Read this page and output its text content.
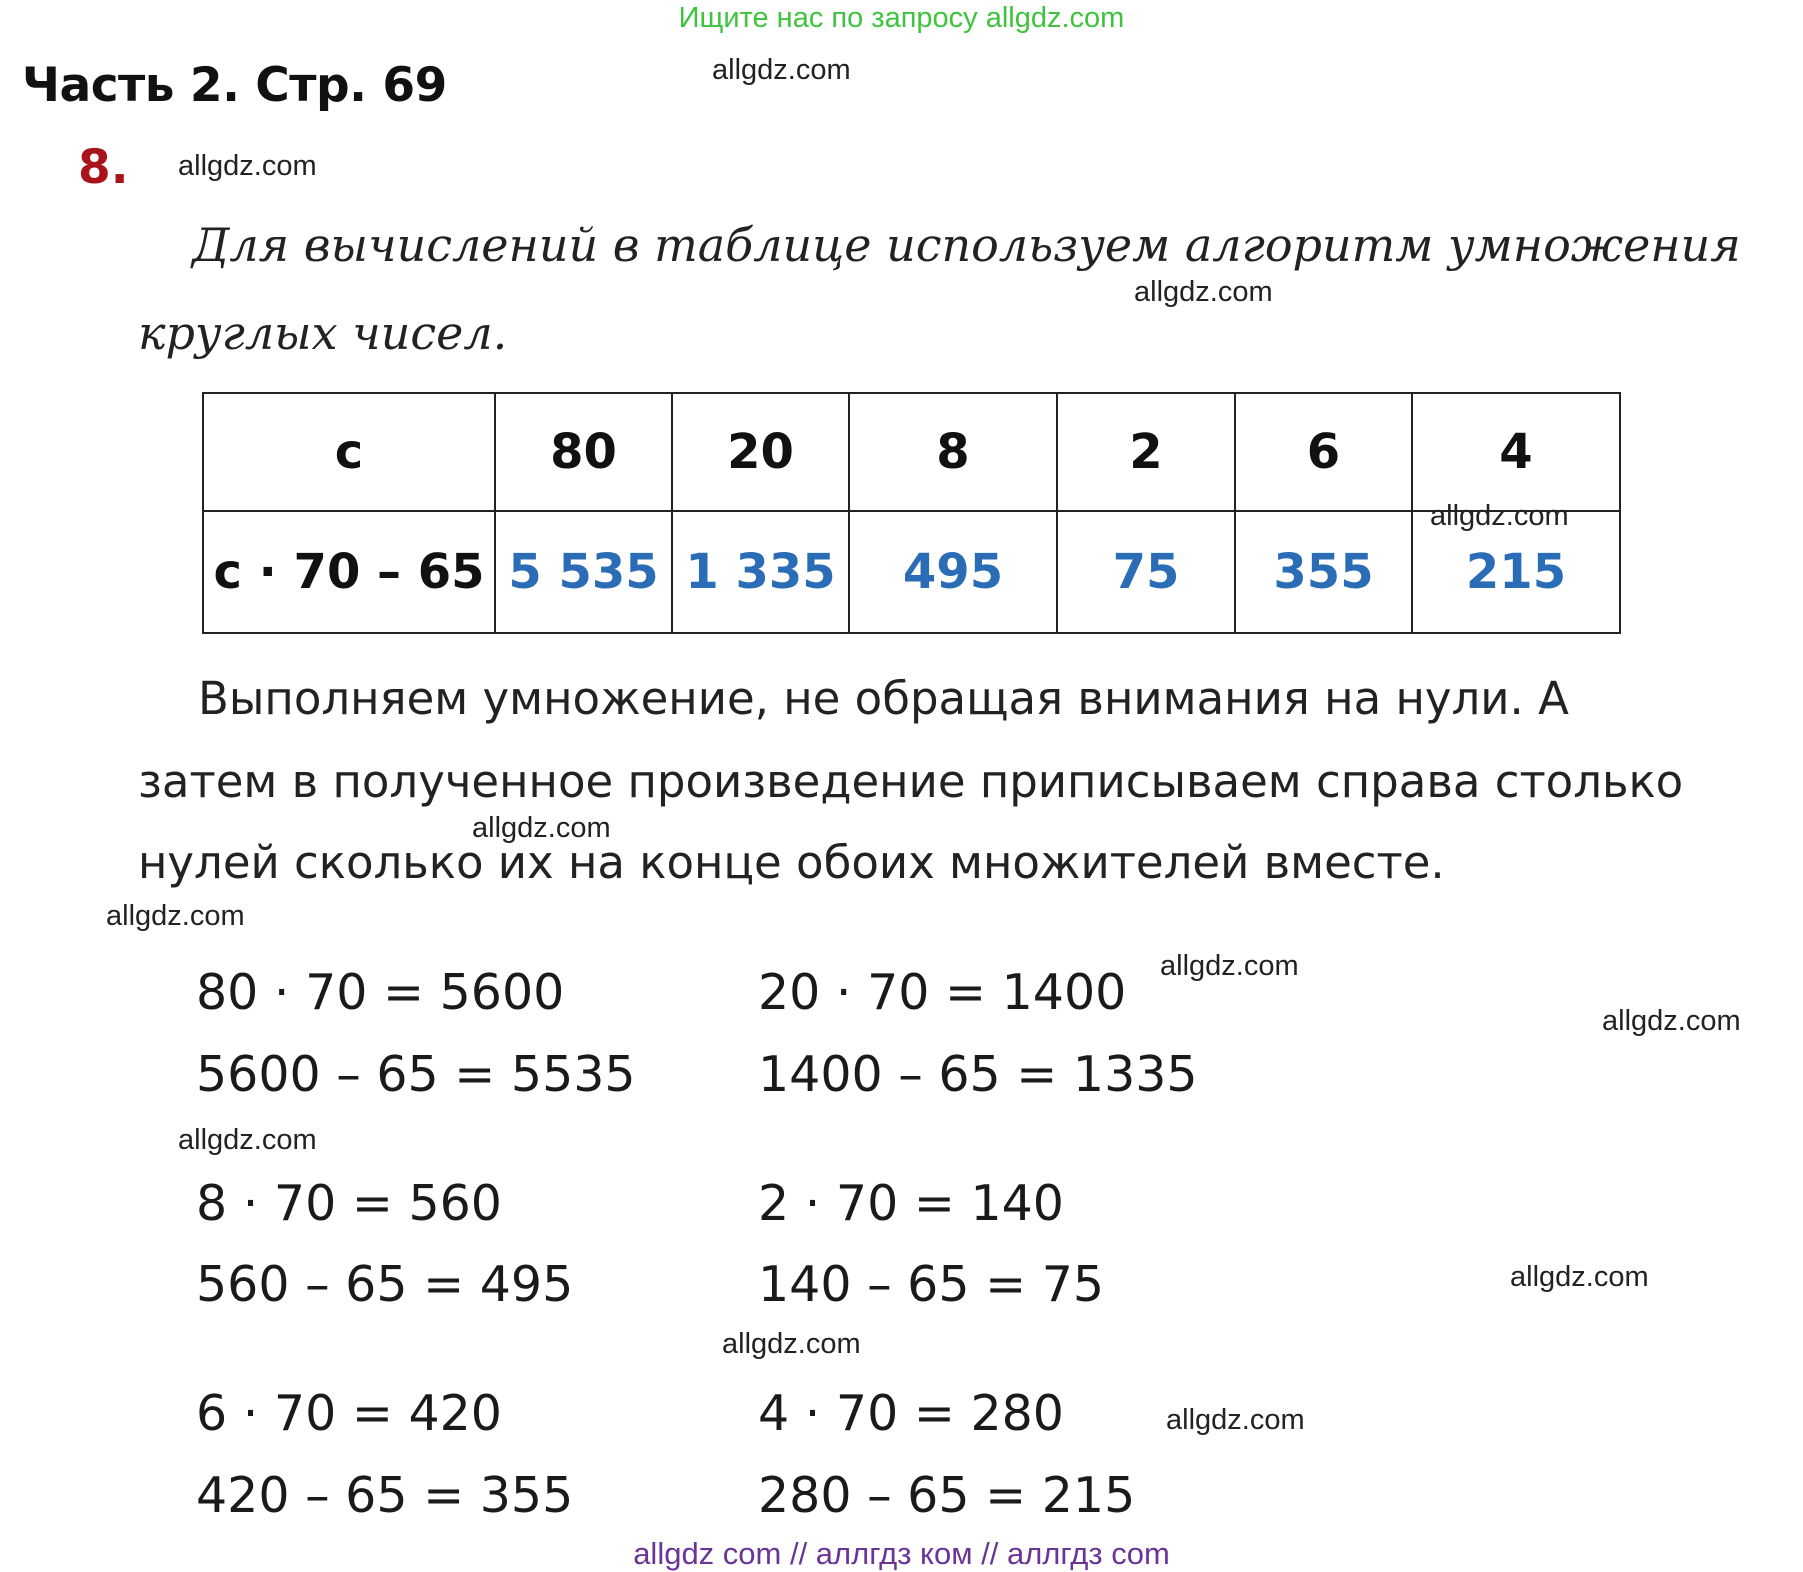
Ищите нас по запросу allgdz.com
Часть 2. Стр. 69	allgdz.com
8. allgdz.com
Для вычислений в таблице используем алгоритм умножения
allgdz.com
круглых чисел.
c	80	20	8	2	6	4
c · 70 – 65	5 535	1 335	495	75	355	215
allgdz.com
Выполняем умножение, не обращая внимания на нули. А
затем в полученное произведение приписываем справа столько
allgdz.com
нулей сколько их на конце обоих множителей вместе.
allgdz.com
80 · 70 = 5600
5600 – 65 = 5535
20 · 70 = 1400
1400 – 65 = 1335
allgdz.com
allgdz.com
allgdz.com
8 · 70 = 560
560 – 65 = 495
2 · 70 = 140
140 – 65 = 75	allgdz.com
allgdz.com
6 · 70 = 420
420 – 65 = 355
4 · 70 = 280
280 – 65 = 215
allgdz.com
allgdz com // аллгдз ком // аллгдз com
